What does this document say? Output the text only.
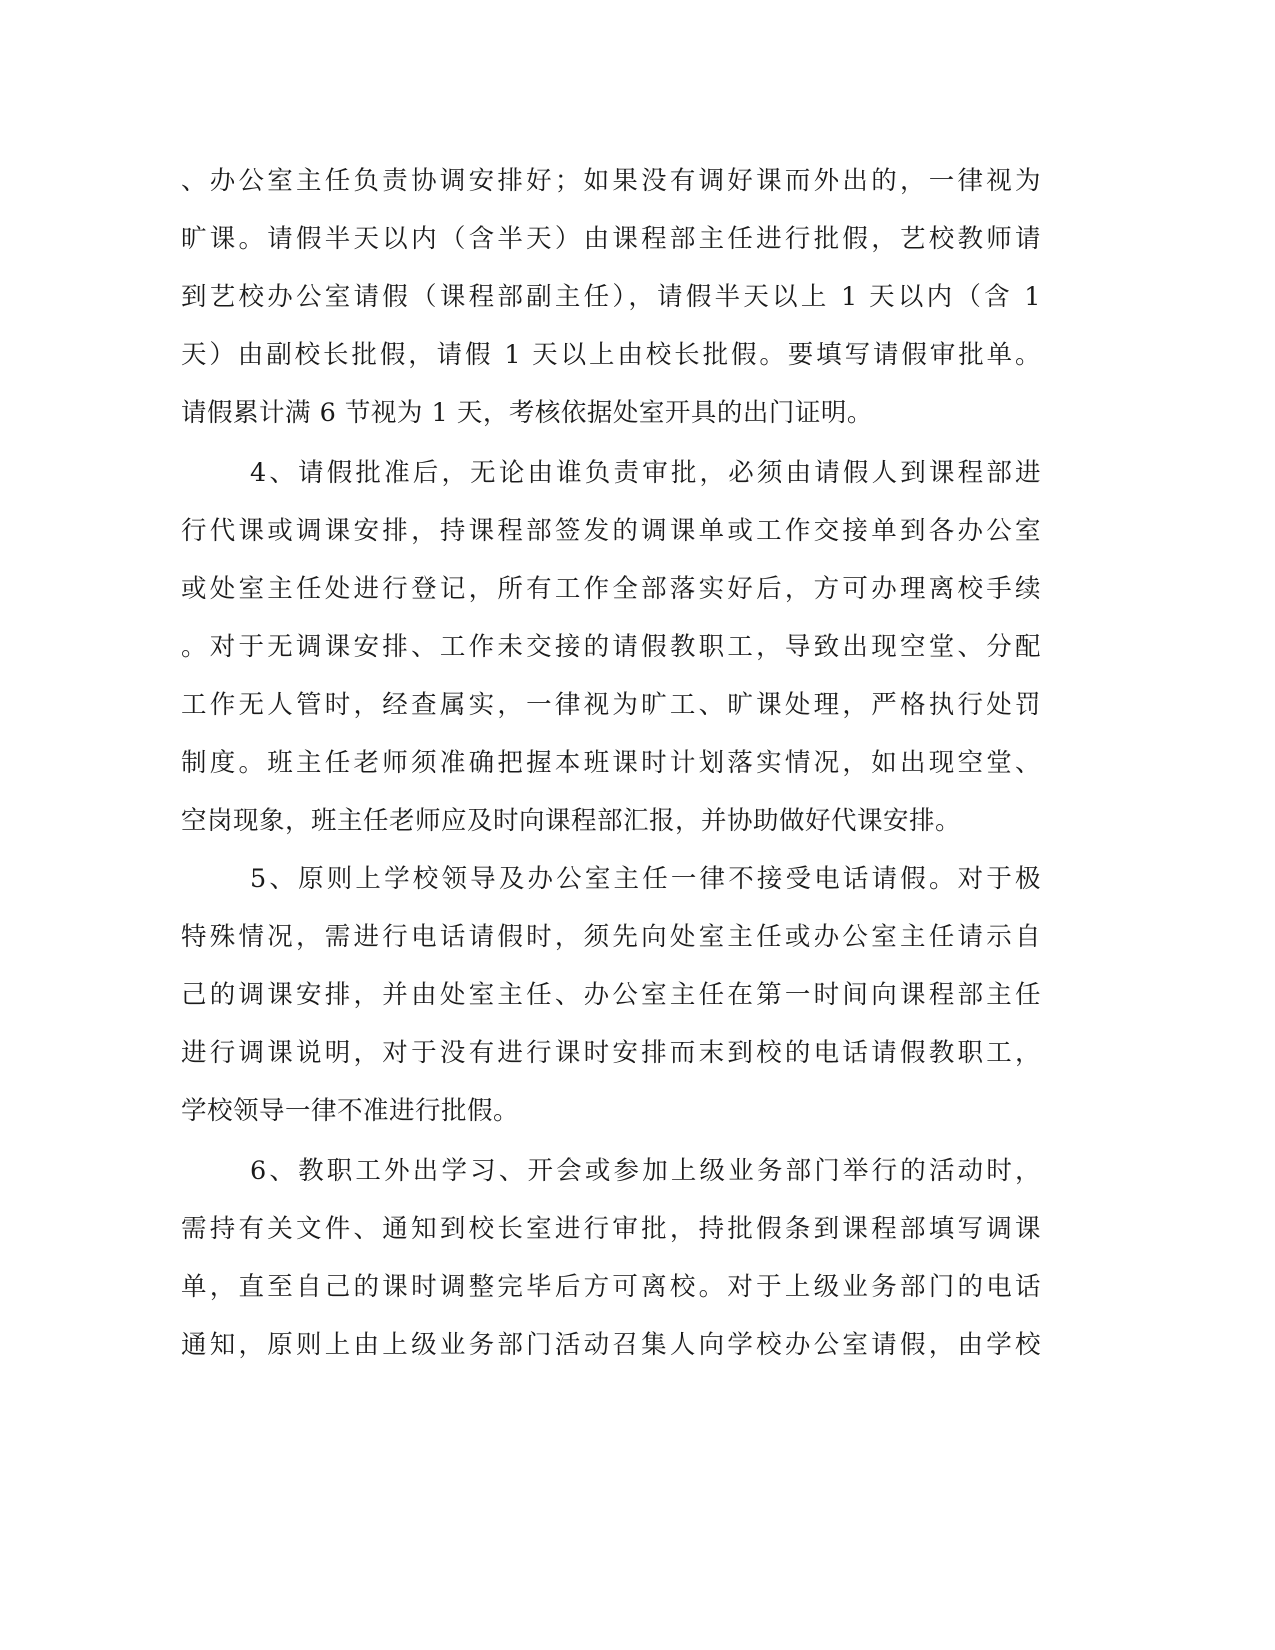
、办公室主任负责协调安排好；如果没有调好课而外出的，一律视为
旷课。请假半天以内（含半天）由课程部主任进行批假，艺校教师请
到艺校办公室请假（课程部副主任），请假半天以上 1 天以内（含 1
天）由副校长批假，请假 1 天以上由校长批假。要填写请假审批单。
请假累计满 6 节视为 1 天，考核依据处室开具的出门证明。
4、请假批准后，无论由谁负责审批，必须由请假人到课程部进
行代课或调课安排，持课程部签发的调课单或工作交接单到各办公室
或处室主任处进行登记，所有工作全部落实好后，方可办理离校手续
。对于无调课安排、工作未交接的请假教职工，导致出现空堂、分配
工作无人管时，经查属实，一律视为旷工、旷课处理，严格执行处罚
制度。班主任老师须准确把握本班课时计划落实情况，如出现空堂、
空岗现象，班主任老师应及时向课程部汇报，并协助做好代课安排。
5、原则上学校领导及办公室主任一律不接受电话请假。对于极
特殊情况，需进行电话请假时，须先向处室主任或办公室主任请示自
己的调课安排，并由处室主任、办公室主任在第一时间向课程部主任
进行调课说明，对于没有进行课时安排而末到校的电话请假教职工，
学校领导一律不准进行批假。
6、教职工外出学习、开会或参加上级业务部门举行的活动时，
需持有关文件、通知到校长室进行审批，持批假条到课程部填写调课
单，直至自己的课时调整完毕后方可离校。对于上级业务部门的电话
通知，原则上由上级业务部门活动召集人向学校办公室请假，由学校
